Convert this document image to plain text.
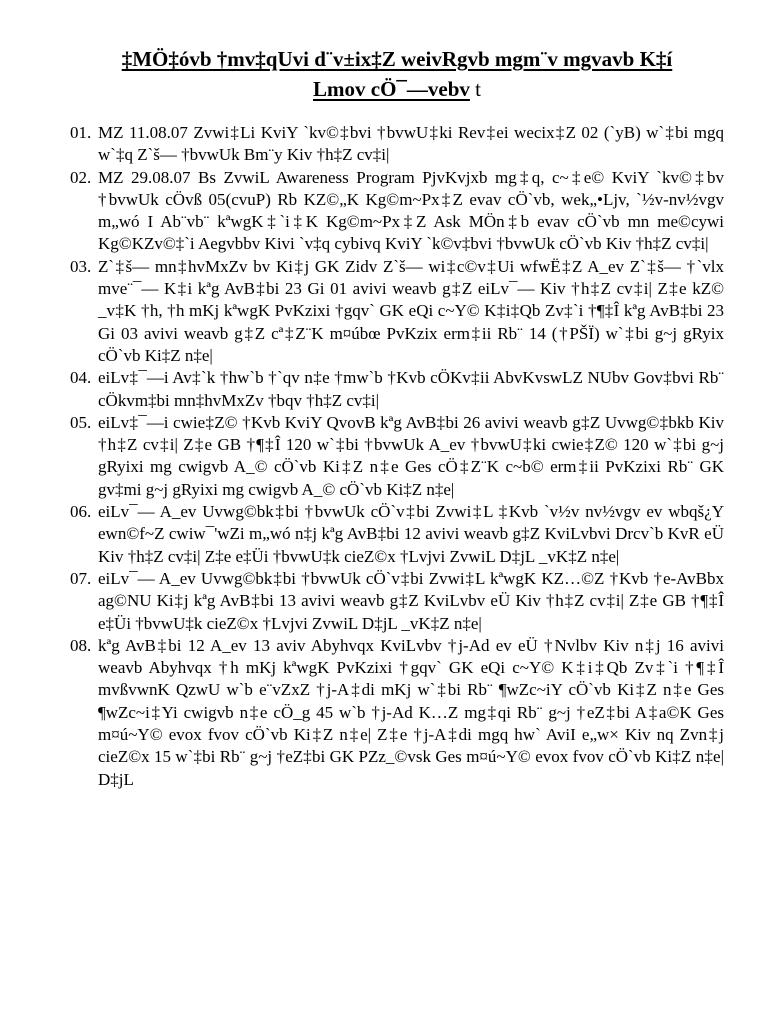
‡MÖ‡óvb †mv‡qUvi d¨v±ix‡Z weivRgvb mgm¨v mgvavb K‡í
Lmov cÖ¯—vebv t
01. MZ 11.08.07 Zvwi‡Li KviY `kv©‡bvi †bvwU‡ki Rev‡ei wecix‡Z 02 (`yB) w`‡bi mgq w`‡q Z`š— †bvwUk Bm¨y Kiv †h‡Z cv‡i|
02. MZ 29.08.07 Bs ZvwiL Awareness Program PjvKvjxb mg‡q, c~‡e© KviY `kv©‡bv †bvwUk cÖvß 05(cvuP) Rb KZ©„K Kg©m~Px‡Z evav cÖ`vb, wek„•Ljv, `½v-nv½vgv m„wó I Ab¨vb¨ kªwgK‡`i‡K Kg©m~Px‡Z Ask MÖn‡b evav cÖ`vb mn me©cywi Kg©KZv©‡`i Aegvbbv Kivi `v‡q cybivq KviY `k©v‡bvi †bvwUk cÖ`vb Kiv †h‡Z cv‡i|
03. Z`‡š— mn‡hvMxZv bv Ki‡j GK Zidv Z`š— wi‡c©v‡Ui wfwË‡Z A_ev Z`‡š— †`vlx mve¨¯— K‡i kªg AvB‡bi 23 Gi 01 avivi weavb g‡Z eiLv¯— Kiv †h‡Z cv‡i| Z‡e kZ© _v‡K †h, †h mKj kªwgK PvKzixi †gqv` GK eQi c~Y© K‡i‡Qb Zv‡`i †¶‡Î kªg AvB‡bi 23 Gi 03 avivi weavb g‡Z cª‡Z¨K m¤úbœ PvKzix erm‡ii Rb¨ 14 (†PŠÏ) w`‡bi g~j gRyix cÖ`vb Ki‡Z n‡e|
04. eiLv‡¯—i Av‡`k †hw`b †`qv n‡e †mw`b †Kvb cÖKv‡ii AbvKvswLZ NUbv Gov‡bvi Rb¨ cÖkvm‡bi mn‡hvMxZv †bqv †h‡Z cv‡i|
05. eiLv‡¯—i cwie‡Z© †Kvb KviY QvovB kªg AvB‡bi 26 avivi weavb g‡Z Uvwg©‡bkb Kiv †h‡Z cv‡i| Z‡e GB †¶‡Î 120 w`‡bi †bvwUk A_ev †bvwU‡ki cwie‡Z© 120 w`‡bi g~j gRyixi mg cwigvb A_© cÖ`vb Ki‡Z n‡e Ges cÖ‡Z¨K c~b© erm‡ii PvKzixi Rb¨ GK gv‡mi g~j gRyixi mg cwigvb A_© cÖ`vb Ki‡Z n‡e|
06. eiLv¯— A_ev Uvwg©bk‡bi †bvwUk cÖ`v‡bi Zvwi‡L ‡Kvb `v½v nv½vgv ev wbqš¿Y ewn©f~Z cwiw¯'wZi m„wó n‡j kªg AvB‡bi 12 avivi weavb g‡Z KviLvbvi Drcv`b KvR eÜ Kiv †h‡Z cv‡i| Z‡e e‡Üi †bvwU‡k cieZ©x †Lvjvi ZvwiL D‡jL _vK‡Z n‡e|
07. eiLv¯— A_ev Uvwg©bk‡bi †bvwUk cÖ`v‡bi Zvwi‡L kªwgK KZ…©Z †Kvb †e-AvBbx ag©NU Ki‡j kªg AvB‡bi 13 avivi weavb g‡Z KviLvbv eÜ Kiv †h‡Z cv‡i| Z‡e GB †¶‡Î e‡Üi †bvwU‡k cieZ©x †Lvjvi ZvwiL D‡jL _vK‡Z n‡e|
08. kªg AvB‡bi 12 A_ev 13 aviv Abyhvqx KviLvbv †j-Ad ev eÜ †Nvlbv Kiv n‡j 16 avivi weavb Abyhvqx †h mKj kªwgK PvKzixi †gqv` GK eQi c~Y© K‡i‡Qb Zv‡`i †¶‡Î mvßvwnK QzwU w`b e¨vZxZ †j-A‡di mKj w`‡bi Rb¨ ¶wZc~iY cÖ`vb Ki‡Z n‡e Ges ¶wZc~i‡Yi cwigvb n‡e cÖ_g 45 w`b †j-Ad K…Z mg‡qi Rb¨ g~j †eZ‡bi A‡a©K Ges m¤ú~Y© evox fvov cÖ`vb Ki‡Z n‡e| Z‡e †j-A‡di mgq hw` AviI e„w× Kiv nq Zvn‡j cieZ©x 15 w`‡bi Rb¨ g~j †eZ‡bi GK PZz_©vsk Ges m¤ú~Y© evox fvov cÖ`vb Ki‡Z n‡e| D‡jL
